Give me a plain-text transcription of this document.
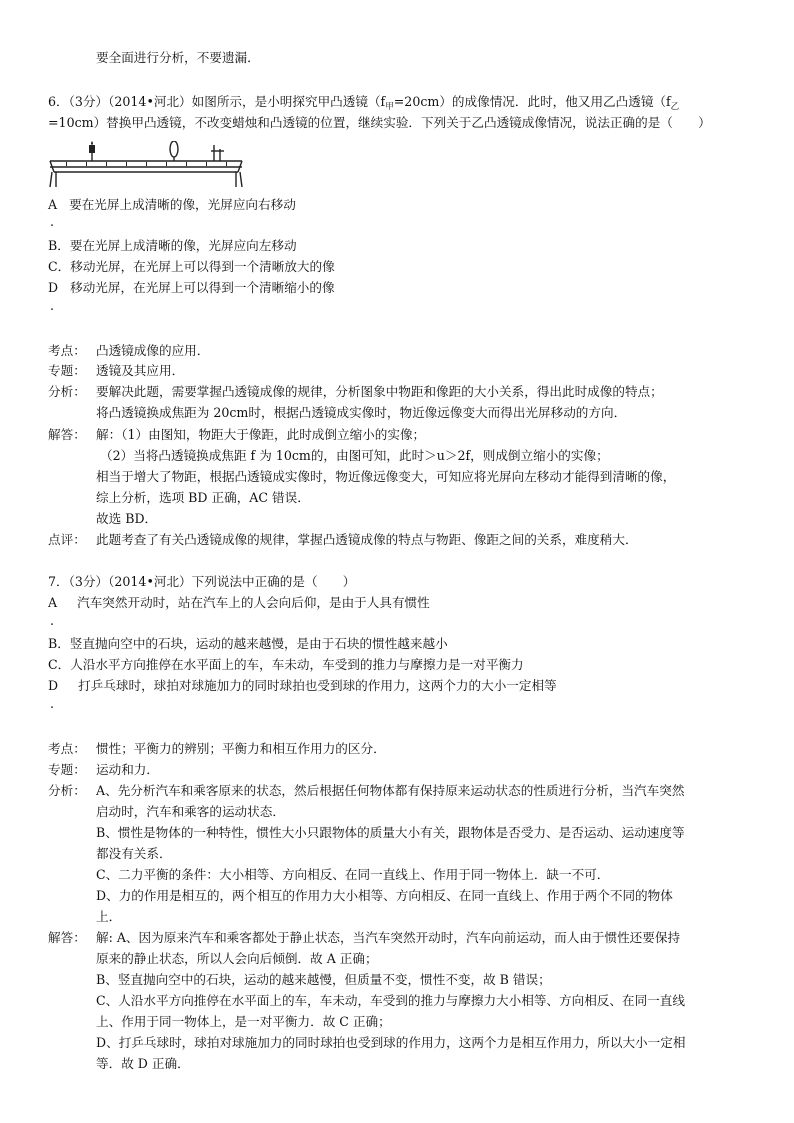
要全面进行分析，不要遗漏．
6．（3分）（2014•河北）如图所示，是小明探究甲凸透镜$(f_甲=20cm)$的成像情况．此时，他又用乙凸透镜（$f_乙$
=10cm）替换甲凸透镜，不改变蜡烛和凸透镜的位置，继续实验．下列关于乙凸透镜成像情况，说法正确的是（　　）
A 要在光屏上成清晰的像，光屏应向右移动
.
B．要在光屏上成清晰的像，光屏应向左移动
C．移动光屏，在光屏上可以得到一个清晰放大的像
D 移动光屏，在光屏上可以得到一个清晰缩小的像
.
考点： 凸透镜成像的应用．
专题： 透镜及其应用．
分析： 要解决此题，需要掌握凸透镜成像的规律，分析图象中物距和像距的大小关系，得出此时成像的特点；
将凸透镜换成焦距为 20cm时，根据凸透镜成实像时，物近像远像变大而得出光屏移动的方向．
解答： 解：（1）由图知，物距大于像距，此时成倒立缩小的实像；
（2）当将凸透镜换成焦距 f 为 10cm的，由图可知，此时＞u＞2f，则成倒立缩小的实像；
相当于增大了物距，根据凸透镜成实像时，物近像远像变大，可知应将光屏向左移动才能得到清晰的像，
综上分析，选项 BD 正确，AC 错误．
故选 BD．
点评： 此题考查了有关凸透镜成像的规律，掌握凸透镜成像的特点与物距、像距之间的关系，难度稍大．
7．（3分）（2014•河北）下列说法中正确的是（　　）
A 汽车突然开动时，站在汽车上的人会向后仰，是由于人具有惯性
.
B．竖直抛向空中的石块，运动的越来越慢，是由于石块的惯性越来越小
C．人沿水平方向推停在水平面上的车，车未动，车受到的推力与摩擦力是一对平衡力
D 打乒乓球时，球拍对球施加力的同时球拍也受到球的作用力，这两个力的大小一定相等
.
考点： 惯性；平衡力的辨别；平衡力和相互作用力的区分．
专题： 运动和力．
分析： A、先分析汽车和乘客原来的状态，然后根据任何物体都有保持原来运动状态的性质进行分析，当汽车突然
启动时，汽车和乘客的运动状态．
B、惯性是物体的一种特性，惯性大小只跟物体的质量大小有关，跟物体是否受力、是否运动、运动速度等
都没有关系．
C、二力平衡的条件：大小相等、方向相反、在同一直线上、作用于同一物体上．缺一不可．
D、力的作用是相互的，两个相互的作用力大小相等、方向相反、在同一直线上、作用于两个不同的物体
上．
解答： 解: A、因为原来汽车和乘客都处于静止状态，当汽车突然开动时，汽车向前运动，而人由于惯性还要保持
原来的静止状态，所以人会向后倾倒．故 A 正确；
B、竖直抛向空中的石块，运动的越来越慢，但质量不变，惯性不变，故 B 错误；
C、人沿水平方向推停在水平面上的车，车未动，车受到的推力与摩擦力大小相等、方向相反、在同一直线
上、作用于同一物体上，是一对平衡力．故 C 正确；
D、打乒乓球时，球拍对球施加力的同时球拍也受到球的作用力，这两个力是相互作用力，所以大小一定相
等．故 D 正确．
